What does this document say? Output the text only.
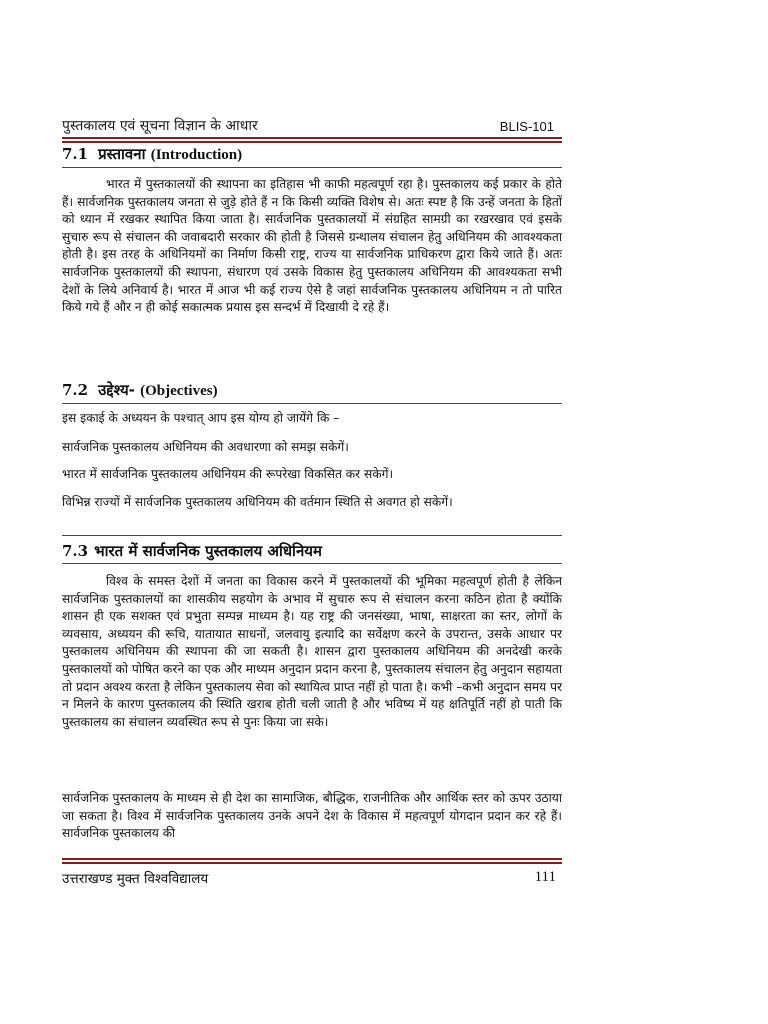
पुस्तकालय एवं सूचना विज्ञान के आधार	BLIS-101
7.1 प्रस्तावना (Introduction)
भारत में पुस्तकालयों की स्थापना का इतिहास भी काफी महत्वपूर्ण रहा है। पुस्तकालय कई प्रकार के होते हैं। सार्वजनिक पुस्तकालय जनता से जुड़े होते हैं न कि किसी व्यक्ति विशेष से। अतः स्पष्ट है कि उन्हें जनता के हितों को ध्यान में रखकर स्थापित किया जाता है। सार्वजनिक पुस्तकालयों में संग्रहित सामग्री का रखरखाव एवं इसके सुचारु रूप से संचालन की जवाबदारी सरकार की होती है जिससे ग्रन्थालय संचालन हेतु अधिनियम की आवश्यकता होती है। इस तरह के अधिनियमों का निर्माण किसी राष्ट्र, राज्य या सार्वजनिक प्राधिकरण द्वारा किये जाते हैं। अतः सार्वजनिक पुस्तकालयों की स्थापना, संधारण एवं उसके विकास हेतु पुस्तकालय अधिनियम की आवश्यकता सभी देशों के लिये अनिवार्य है। भारत में आज भी कई राज्य ऐसे है जहां सार्वजनिक पुस्तकालय अधिनियम न तो पारित किये गये हैं और न ही कोई सकात्मक प्रयास इस सन्दर्भ में दिखायी दे रहे हैं।
7.2 उद्देश्य- (Objectives)
इस इकाई के अध्ययन के पश्चात् आप इस योग्य हो जायेंगे कि –
सार्वजनिक पुस्तकालय अधिनियम की अवधारणा को समझ सकेगें।
भारत में सार्वजनिक पुस्तकालय अधिनियम की रूपरेखा विकसित कर सकेगें।
विभिन्न राज्यों में सार्वजनिक पुस्तकालय अधिनियम की वर्तमान स्थिति से अवगत हो सकेगें।
7.3 भारत में सार्वजनिक पुस्तकालय अधिनियम
विश्व के समस्त देशों में जनता का विकास करने में पुस्तकालयों की भूमिका महत्वपूर्ण होती है लेकिन सार्वजनिक पुस्तकालयों का शासकीय सहयोग के अभाव में सुचारु रूप से संचालन करना कठिन होता है क्योंकि शासन ही एक सशक्त एवं प्रभुता सम्पन्न माध्यम है। यह राष्ट्र की जनसंख्या, भाषा, साक्षरता का स्तर, लोगों के व्यवसाय, अध्ययन की रूचि, यातायात साधनों, जलवायु इत्यादि का सर्वेक्षण करने के उपरान्त, उसके आधार पर पुस्तकालय अधिनियम की स्थापना की जा सकती है। शासन द्वारा पुस्तकालय अधिनियम की अनदेखी करके पुस्तकालयों को पोषित करने का एक और माध्यम अनुदान प्रदान करना है, पुस्तकालय संचालन हेतु अनुदान सहायता तो प्रदान अवश्य करता है लेकिन पुस्तकालय सेवा को स्थायित्व प्राप्त नहीं हो पाता है। कभी –कभी अनुदान समय पर न मिलने के कारण पुस्तकालय की स्थिति खराब होती चली जाती है और भविष्य में यह क्षतिपूर्ति नहीं हो पाती कि पुस्तकालय का संचालन व्यवस्थित रूप से पुनः किया जा सके।
सार्वजनिक पुस्तकालय के माध्यम से ही देश का सामाजिक, बौद्धिक, राजनीतिक और आर्थिक स्तर को ऊपर उठाया जा सकता है। विश्व में सार्वजनिक पुस्तकालय उनके अपने देश के विकास में महत्वपूर्ण योगदान प्रदान कर रहे हैं। सार्वजनिक पुस्तकालय की
उत्तराखण्ड मुक्त विश्वविद्यालय	111
